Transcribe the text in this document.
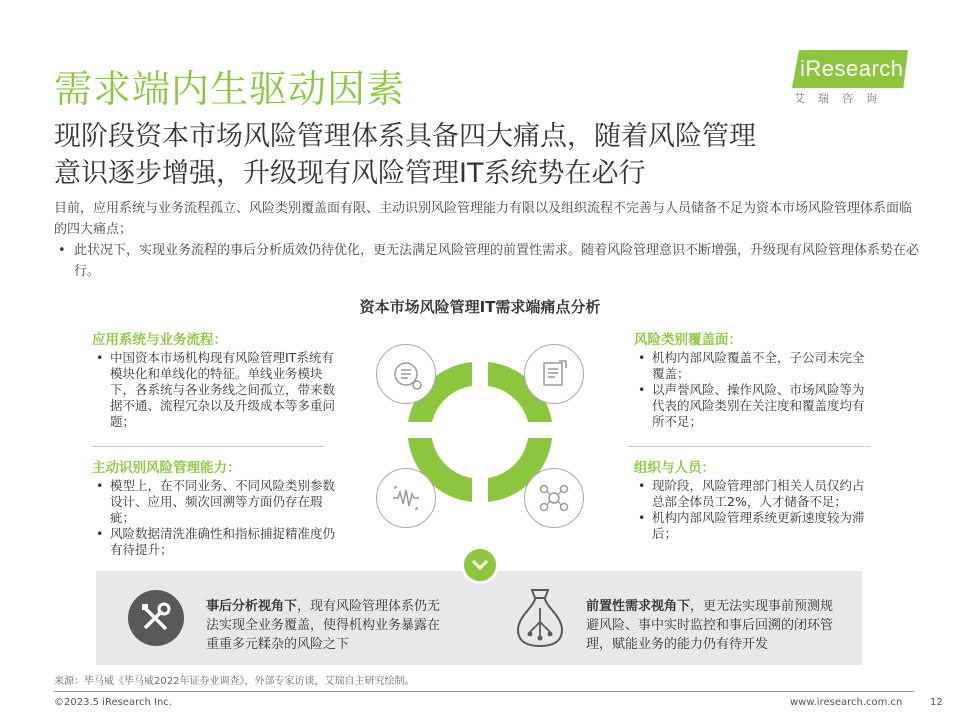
需求端内生驱动因素	iResearch
艾瑞咨询
现阶段资本市场风险管理体系具备四大痛点，随着风险管理
意识逐步增强，升级现有风险管理IT系统势在必行
目前，应用系统与业务流程孤立、风险类别覆盖面有限、主动识别风险管理能力有限以及组织流程不完善与人员储备不足为资本市场风险管理体系面临的四大痛点；
• 此状况下，实现业务流程的事后分析质效仍待优化，更无法满足风险管理的前置性需求。随着风险管理意识不断增强，升级现有风险管理体系势在必行。
资本市场风险管理IT需求端痛点分析
应用系统与业务流程：
• 中国资本市场机构现有风险管理IT系统有模块化和单线化的特征。单线业务模块下，各系统与各业务线之间孤立，带来数据不通、流程冗杂以及升级成本等多重问题；
主动识别风险管理能力：
• 模型上，在不同业务、不同风险类别参数设计、应用、频次回溯等方面仍存在瑕疵；
• 风险数据清洗准确性和指标捕捉精准度仍有待提升；
风险类别覆盖面：
• 机构内部风险覆盖不全，子公司未完全覆盖；
• 以声誉风险、操作风险、市场风险等为代表的风险类别在关注度和覆盖度均有所不足；
组织与人员：
• 现阶段，风险管理部门相关人员仅约占总部全体员工2%，人才储备不足；
• 机构内部风险管理系统更新速度较为滞后；
事后分析视角下，现有风险管理体系仍无法实现全业务覆盖，使得机构业务暴露在重重多元糅杂的风险之下
前置性需求视角下，更无法实现事前预测规避风险、事中实时监控和事后回溯的闭环管理，赋能业务的能力仍有待开发
来源：毕马威《毕马威2022年证券业调查》，外部专家访谈，艾瑞自主研究绘制。
©2023.5 iResearch Inc.	www.iresearch.com.cn	12
